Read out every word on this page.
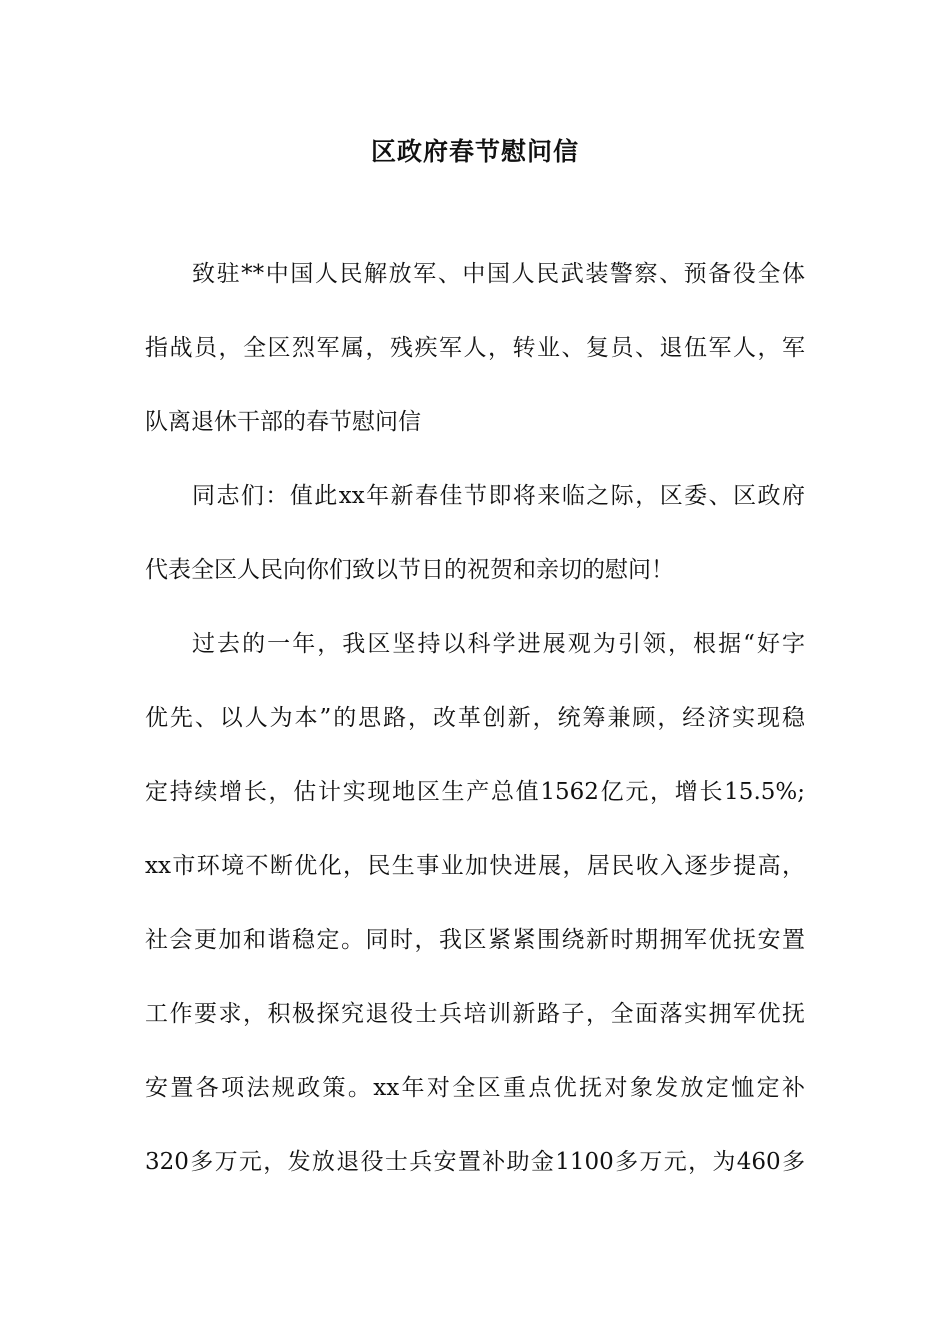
区政府春节慰问信
致驻**中国人民解放军、中国人民武装警察、预备役全体
指战员，全区烈军属，残疾军人，转业、复员、退伍军人，军
队离退休干部的春节慰问信
同志们：值此xx年新春佳节即将来临之际，区委、区政府
代表全区人民向你们致以节日的祝贺和亲切的慰问！
过去的一年，我区坚持以科学进展观为引领，根据“好字
优先、以人为本”的思路，改革创新，统筹兼顾，经济实现稳
定持续增长，估计实现地区生产总值1562亿元，增长15.5%;
xx市环境不断优化，民生事业加快进展，居民收入逐步提高，
社会更加和谐稳定。同时，我区紧紧围绕新时期拥军优抚安置
工作要求，积极探究退役士兵培训新路子，全面落实拥军优抚
安置各项法规政策。xx年对全区重点优抚对象发放定恤定补
320多万元，发放退役士兵安置补助金1100多万元，为460多
